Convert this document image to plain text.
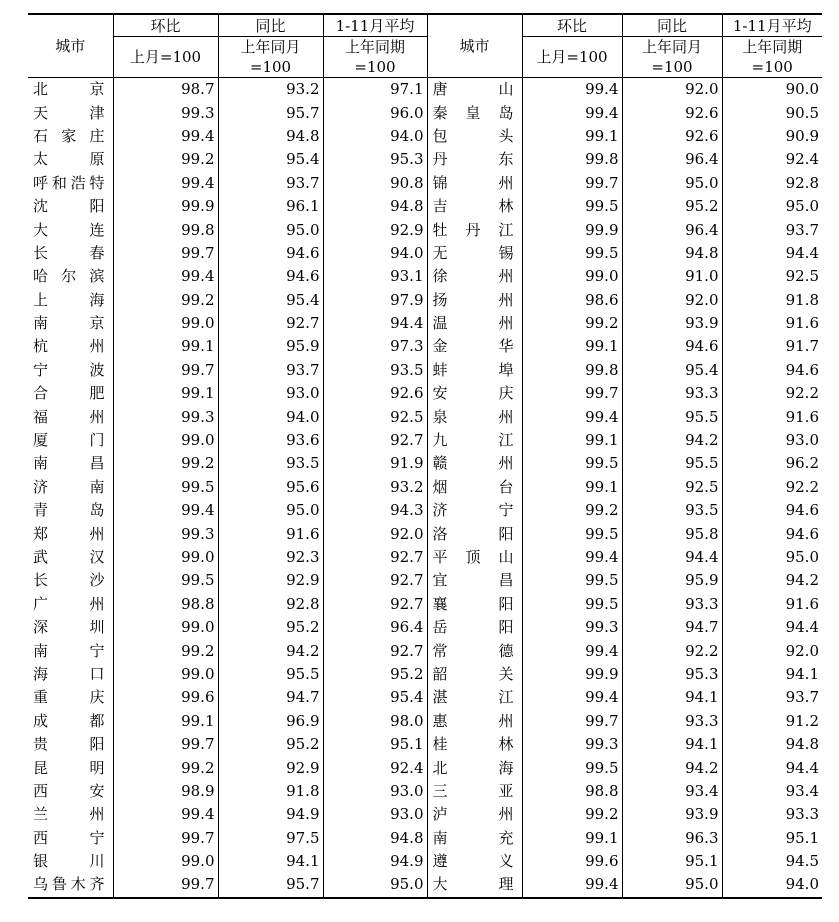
城市	环比	同比	1-11月平均	城市	环比	同比	1-11月平均
	上月=100	上年同月 =100	上年同期 =100		上月=100	上年同月 =100	上年同期 =100
北京	98.7	93.2	97.1	唐山	99.4	92.0	90.0
天津	99.3	95.7	96.0	秦皇岛	99.4	92.6	90.5
石家庄	99.4	94.8	94.0	包头	99.1	92.6	90.9
太原	99.2	95.4	95.3	丹东	99.8	96.4	92.4
呼和浩特	99.4	93.7	90.8	锦州	99.7	95.0	92.8
沈阳	99.9	96.1	94.8	吉林	99.5	95.2	95.0
大连	99.8	95.0	92.9	牡丹江	99.9	96.4	93.7
长春	99.7	94.6	94.0	无锡	99.5	94.8	94.4
哈尔滨	99.4	94.6	93.1	徐州	99.0	91.0	92.5
上海	99.2	95.4	97.9	扬州	98.6	92.0	91.8
南京	99.0	92.7	94.4	温州	99.2	93.9	91.6
杭州	99.1	95.9	97.3	金华	99.1	94.6	91.7
宁波	99.7	93.7	93.5	蚌埠	99.8	95.4	94.6
合肥	99.1	93.0	92.6	安庆	99.7	93.3	92.2
福州	99.3	94.0	92.5	泉州	99.4	95.5	91.6
厦门	99.0	93.6	92.7	九江	99.1	94.2	93.0
南昌	99.2	93.5	91.9	赣州	99.5	95.5	96.2
济南	99.5	95.6	93.2	烟台	99.1	92.5	92.2
青岛	99.4	95.0	94.3	济宁	99.2	93.5	94.6
郑州	99.3	91.6	92.0	洛阳	99.5	95.8	94.6
武汉	99.0	92.3	92.7	平顶山	99.4	94.4	95.0
长沙	99.5	92.9	92.7	宜昌	99.5	95.9	94.2
广州	98.8	92.8	92.7	襄阳	99.5	93.3	91.6
深圳	99.0	95.2	96.4	岳阳	99.3	94.7	94.4
南宁	99.2	94.2	92.7	常德	99.4	92.2	92.0
海口	99.0	95.5	95.2	韶关	99.9	95.3	94.1
重庆	99.6	94.7	95.4	湛江	99.4	94.1	93.7
成都	99.1	96.9	98.0	惠州	99.7	93.3	91.2
贵阳	99.7	95.2	95.1	桂林	99.3	94.1	94.8
昆明	99.2	92.9	92.4	北海	99.5	94.2	94.4
西安	98.9	91.8	93.0	三亚	98.8	93.4	93.4
兰州	99.4	94.9	93.0	泸州	99.2	93.9	93.3
西宁	99.7	97.5	94.8	南充	99.1	96.3	95.1
银川	99.0	94.1	94.9	遵义	99.6	95.1	94.5
乌鲁木齐	99.7	95.7	95.0	大理	99.4	95.0	94.0
